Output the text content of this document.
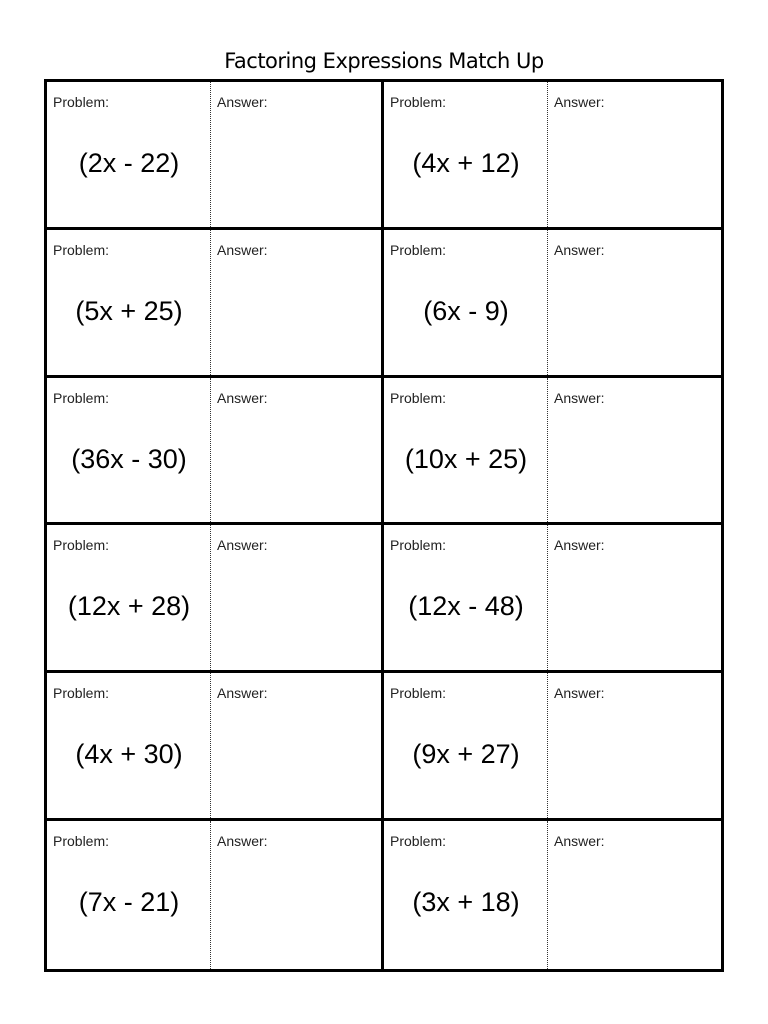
Factoring Expressions Match Up
Problem:
(2x - 22)
Answer:	Problem:
(4x + 12)
Answer:
Problem:
(5x + 25)
Answer:	Problem:
(6x - 9)
Answer:
Problem:
(36x - 30)
Answer:	Problem:
(10x + 25)
Answer:
Problem:
(12x + 28)
Answer:	Problem:
(12x - 48)
Answer:
Problem:
(4x + 30)
Answer:	Problem:
(9x + 27)
Answer:
Problem:
(7x - 21)
Answer:	Problem:
(3x + 18)
Answer:
